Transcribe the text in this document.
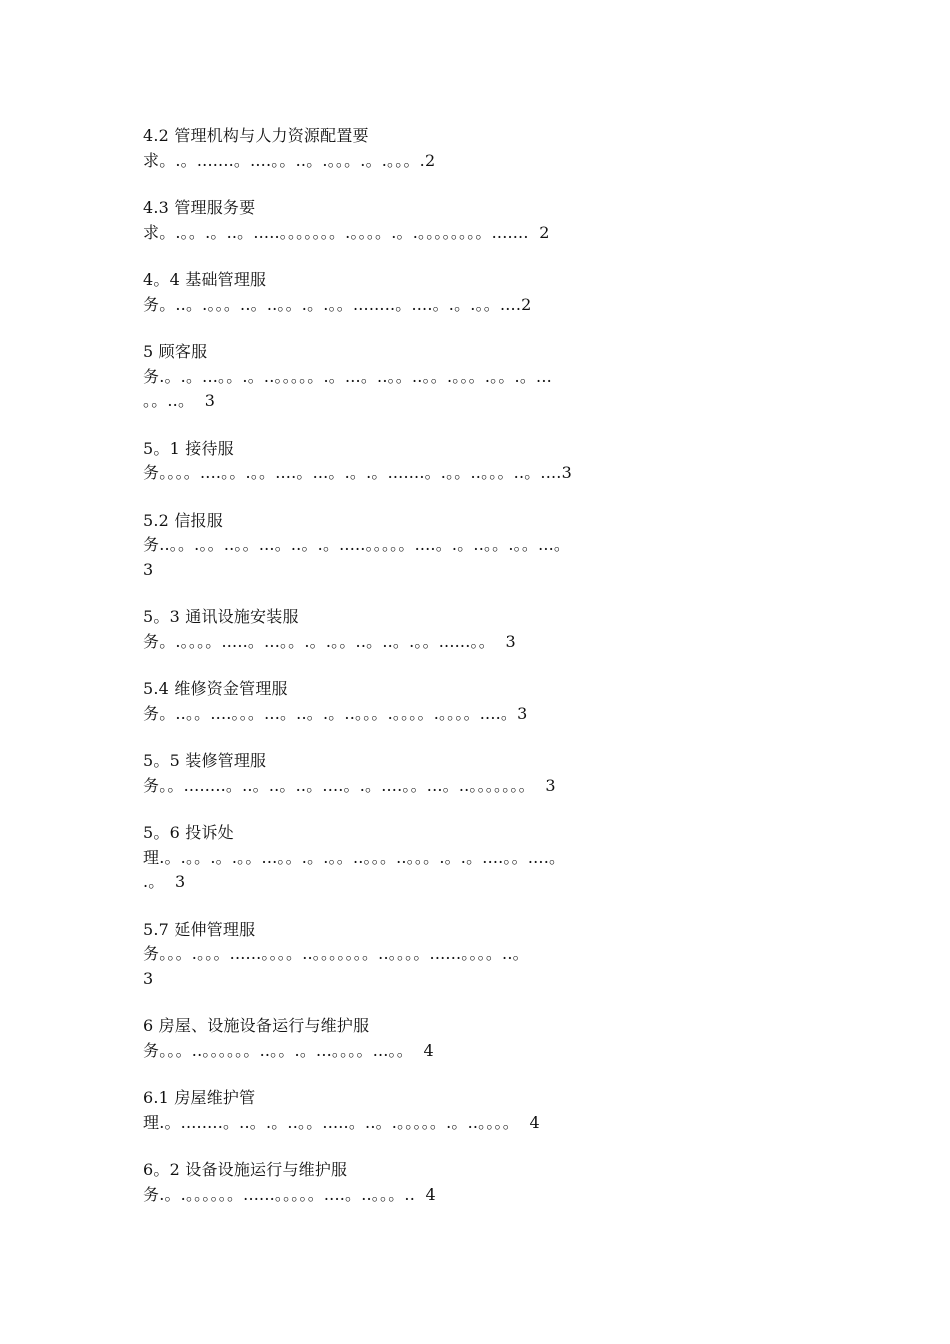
4.2 管理机构与人力资源配置要
求。.。.......。....。。..。.。。。.。.。。。.2
4.3 管理服务要
求。.。。.。..。.....。。。。。。。.。。。。.。.。。。。。。。。.......  2
4。4 基础管理服
务。..。.。。。..。..。。.。.。。........。....。.。.。。....2
5 顾客服
务.。.。...。。.。..。。。。。.。...。..。。..。。.。。。.。。.。...
。。..。  3
5。1 接待服
务。。。。....。。.。。....。...。.。.。.......。.。。..。。。..。....3
5.2 信报服
务..。。.。。..。。...。..。.。.....。。。。。....。.。..。。.。。...。
3
5。3 通讯设施安装服
务。.。。。。.....。...。。.。.。。..。..。.。。......。。  3
5.4 维修资金管理服
务。..。。....。。。...。..。.。..。。。.。。。。.。。。。....。3
5。5 装修管理服
务。。........。..。..。..。....。.。....。。...。..。。。。。。。  3
5。6 投诉处
理.。.。。.。.。。...。。.。.。。..。。。..。。。.。.。....。。....。
.。  3
5.7 延伸管理服
务。。。.。。。......。。。。..。。。。。。。..。。。。......。。。。..。
3
6 房屋、设施设备运行与维护服
务。。。..。。。。。。..。。.。...。。。。...。。  4
6.1 房屋维护管
理.。........。..。.。..。。.....。..。.。。。。。.。..。。。。  4
6。2 设备设施运行与维护服
务.。.。。。。。。......。。。。。....。..。。。..  4
